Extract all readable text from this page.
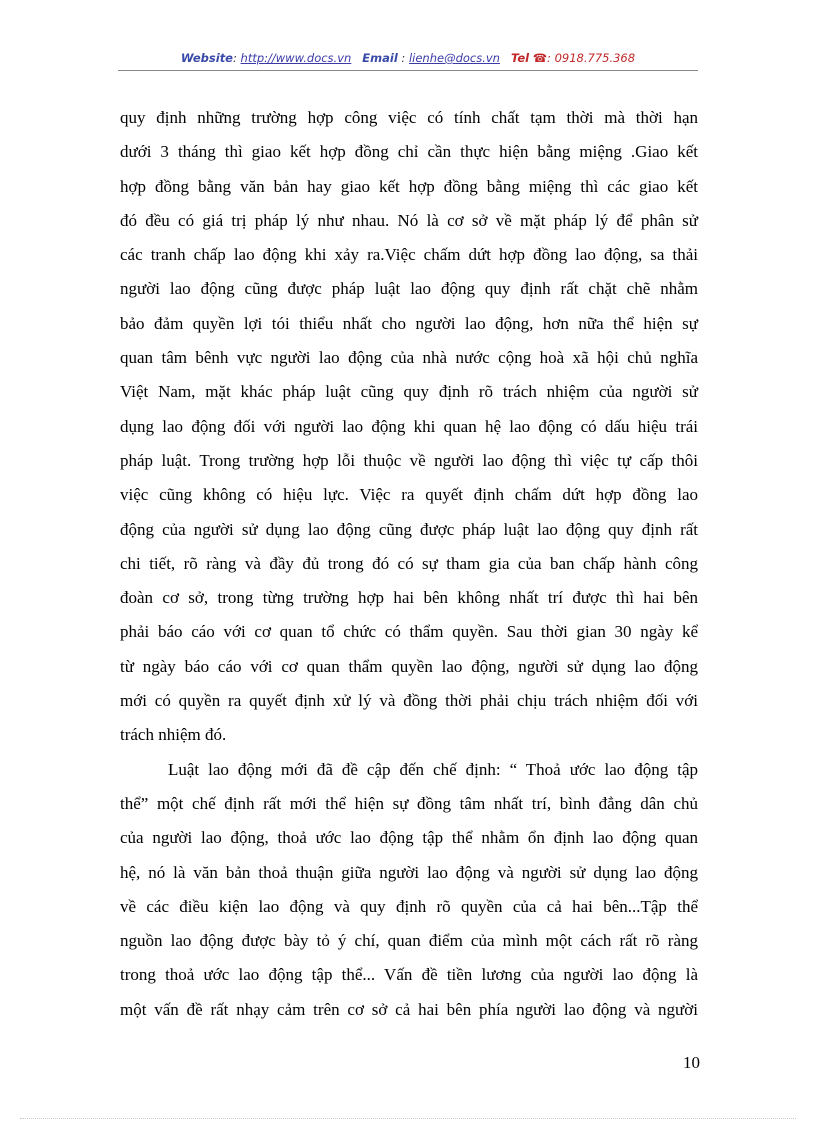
Website: http://www.docs.vn Email : lienhe@docs.vn Tel ☎: 0918.775.368
quy định những trường hợp công việc có tính chất tạm thời mà thời hạn
dưới 3 tháng thì giao kết hợp đồng chỉ cần thực hiện bằng miệng .Giao kết
hợp đồng bằng văn bản hay giao kết hợp đồng bằng miệng thì các giao kết
đó đều có giá trị pháp lý như nhau. Nó là cơ sở về mặt pháp lý để phân sử
các tranh chấp lao động khi xảy ra.Việc chấm dứt hợp đồng lao động, sa thải
người lao động cũng được pháp luật lao động quy định rất chặt chẽ nhằm
bảo đảm quyền lợi tói thiểu nhất cho người lao động, hơn nữa thể hiện sự
quan tâm bênh vực người lao động của nhà nước cộng hoà xã hội chủ nghĩa
Việt Nam, mặt khác pháp luật cũng quy định rõ trách nhiệm của người sử
dụng lao động đối với người lao động khi quan hệ lao động có dấu hiệu trái
pháp luật. Trong trường hợp lỗi thuộc về người lao động thì việc tự cấp thôi
việc cũng không có hiệu lực. Việc ra quyết định chấm dứt hợp đồng lao
động của người sử dụng lao động cũng được pháp luật lao động quy định rất
chi tiết, rõ ràng và đầy đủ trong đó có sự tham gia của ban chấp hành công
đoàn cơ sở, trong từng trường hợp hai bên không nhất trí được thì hai bên
phải báo cáo với cơ quan tổ chức có thẩm quyền. Sau thời gian 30 ngày kể
từ ngày báo cáo với cơ quan thẩm quyền lao động, người sử dụng lao động
mới có quyền ra quyết định xử lý và đồng thời phải chịu trách nhiệm đối với
trách nhiệm đó.
Luật lao động mới đã đề cập đến chế định: “ Thoả ước lao động tập
thể” một chế định rất mới thể hiện sự đồng tâm nhất trí, bình đẳng dân chủ
của người lao động, thoả ước lao động tập thể nhằm ổn định lao động quan
hệ, nó là văn bản thoả thuận giữa người lao động và người sử dụng lao động
về các điều kiện lao động và quy định rõ quyền của cả hai bên...Tập thể
nguồn lao động được bày tỏ ý chí, quan điểm của mình một cách rất rõ ràng
trong thoả ước lao động tập thể... Vấn đề tiền lương của người lao động là
một vấn đề rất nhạy cảm trên cơ sở cả hai bên phía người lao động và người
10
